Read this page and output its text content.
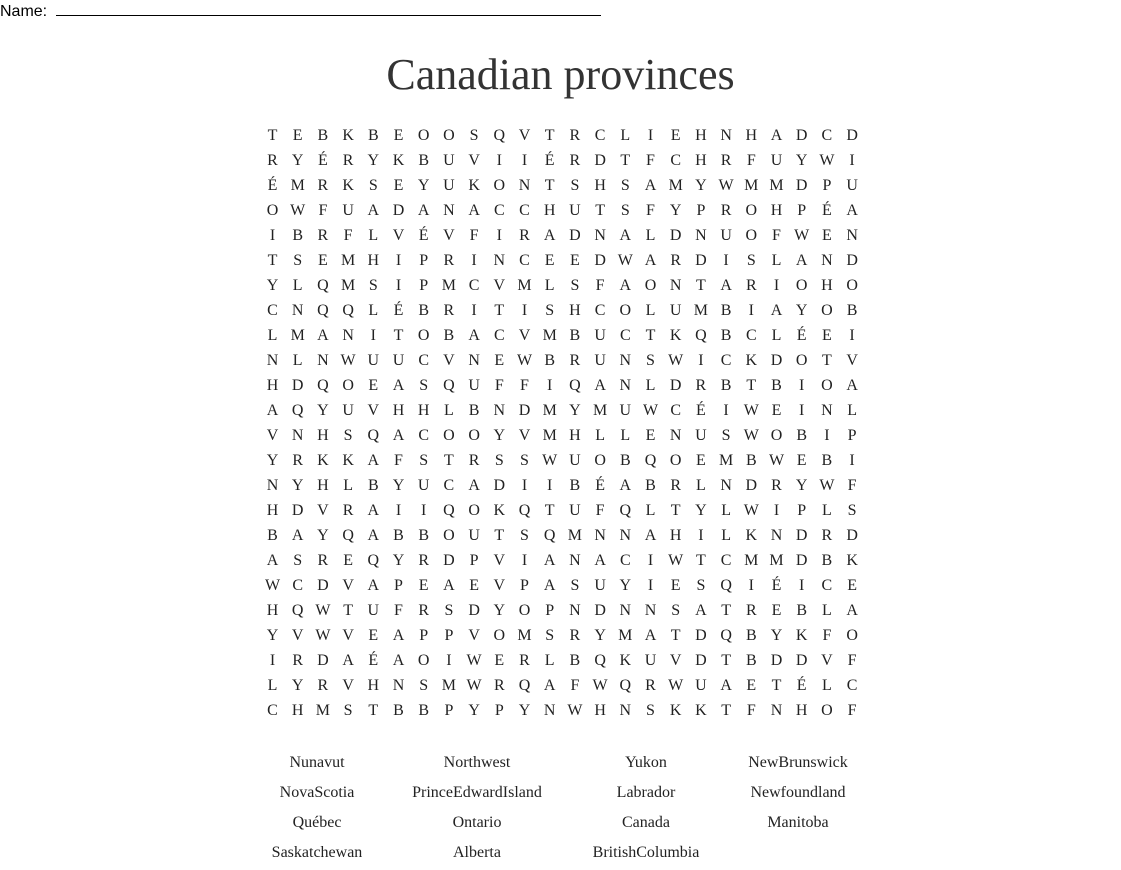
Name:
Canadian provinces
T E B K B E O O S Q V T R C L	I	E H N H A D C D
R Y É R Y K B U V	I	I	É R D T F C H R F U Y W I
É M R K S E Y U K O N T S H S A M Y W M M D P U
O W F U A D A N A C C H U T S	F Y P R O H P É A
I	B R F L V É V F	I	R A D N A L D N U O F W E N
T S E M H	I	P R	I	N C E E D W A R D	I	S L A N D
Y L Q M S	I	P M C V M L S	F A O N T A R	I	O H O
C N Q Q L É B R	I	T	I	S H C O L U M B	I	A Y O B
L M A N	I	T O B A C V M B U C T K Q B C L É E	I
N L N W U U C V N E W B R U N S W I	C K D O T V
H D Q O E A S Q U F	F	I	Q A N L D R B T B	I	O A
A Q Y U V H H L B N D M Y M U W C É	I W E	I	N L
V N H S Q A C O O Y V M H L L E N U S W O B	I	P
Y R K K A F	S T R S	S W U O B Q O E M B W E B	I
N Y H L B Y U C A D	I	I	B É A B R L N D R Y W F
H D V R A	I	I	Q O K Q T U F Q L T Y L W I	P L S
B A Y Q A B B O U T S Q M N N A H	I	L K N D R D
A S R E Q Y R D P V	I	A N A C	I W T C M M D B K
W C D V A P E A E V P A S U Y	I	E S Q	I	É	I	C E
H Q W T U F R S D Y O P N D N N S A T R E B L A
Y V W V E A P	P V O M S R Y M A T D Q B Y K F O
I	R D A É A O	I W E R L B Q K U V D T B D D V F
L Y R V H N S M W R Q A F W Q R W U A E T É L C
C H M S T B B P Y P Y N W H N S K K T F N H O F
Nunavut	Northwest	Yukon	NewBrunswick
NovaScotia	PrinceEdwardIsland	Labrador	Newfoundland
Québec	Ontario	Canada	Manitoba
Saskatchewan	Alberta	BritishColumbia
